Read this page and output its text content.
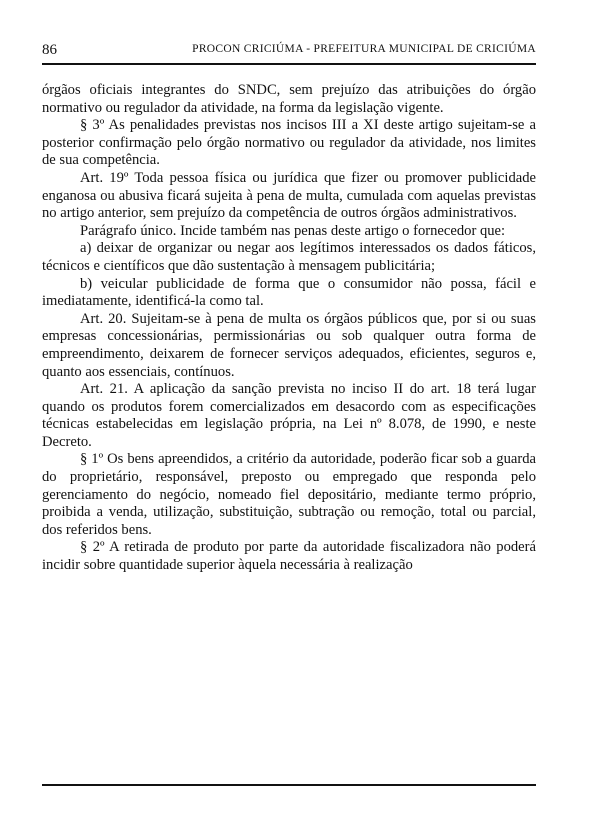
86	PROCON CRICIÚMA - PREFEITURA MUNICIPAL DE CRICIÚMA

órgãos oficiais integrantes do SNDC, sem prejuízo das atribuições do órgão normativo ou regulador da atividade, na forma da legislação vigente.

§ 3º As penalidades previstas nos incisos III a XI deste artigo sujeitam-se a posterior confirmação pelo órgão normativo ou regulador da atividade, nos limites de sua competência.

Art. 19º Toda pessoa física ou jurídica que fizer ou promover publicidade enganosa ou abusiva ficará sujeita à pena de multa, cumulada com aquelas previstas no artigo anterior, sem prejuízo da competência de outros órgãos administrativos.

Parágrafo único. Incide também nas penas deste artigo o fornecedor que:

a) deixar de organizar ou negar aos legítimos interessados os dados fáticos, técnicos e científicos que dão sustentação à mensagem publicitária;

b) veicular publicidade de forma que o consumidor não possa, fácil e imediatamente, identificá-la como tal.

Art. 20. Sujeitam-se à pena de multa os órgãos públicos que, por si ou suas empresas concessionárias, permissionárias ou sob qualquer outra forma de empreendimento, deixarem de fornecer serviços adequados, eficientes, seguros e, quanto aos essenciais, contínuos.

Art. 21. A aplicação da sanção prevista no inciso II do art. 18 terá lugar quando os produtos forem comercializados em desacordo com as especificações técnicas estabelecidas em legislação própria, na Lei nº 8.078, de 1990, e neste Decreto.

§ 1º Os bens apreendidos, a critério da autoridade, poderão ficar sob a guarda do proprietário, responsável, preposto ou empregado que responda pelo gerenciamento do negócio, nomeado fiel depositário, mediante termo próprio, proibida a venda, utilização, substituição, subtração ou remoção, total ou parcial, dos referidos bens.

§ 2º A retirada de produto por parte da autoridade fiscalizadora não poderá incidir sobre quantidade superior àquela necessária à realização
